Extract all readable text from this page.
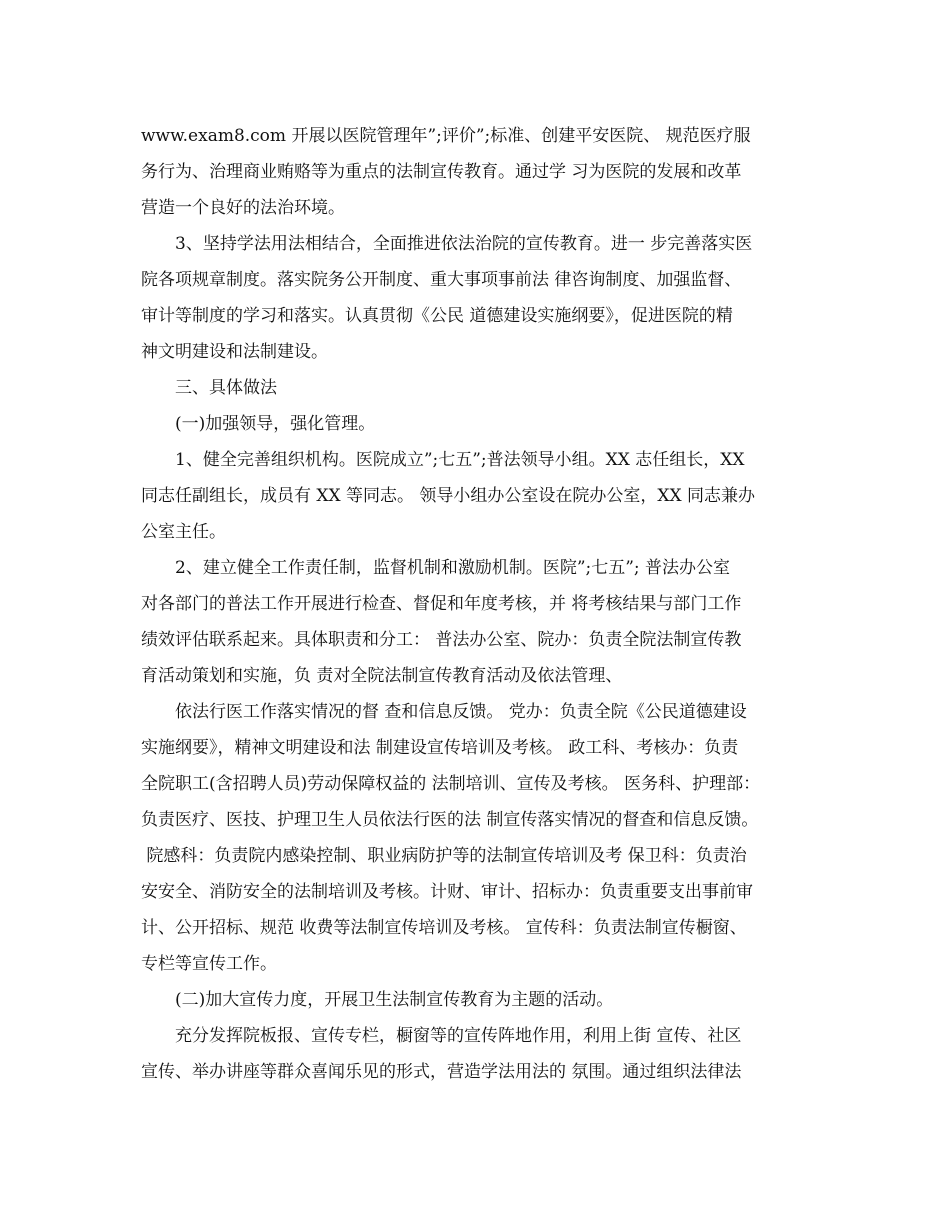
www.exam8.com 开展以医院管理年”;评价”;标准、创建平安医院、 规范医疗服
务行为、治理商业贿赂等为重点的法制宣传教育。通过学 习为医院的发展和改革
营造一个良好的法治环境。
3、坚持学法用法相结合，全面推进依法治院的宣传教育。进一 步完善落实医
院各项规章制度。落实院务公开制度、重大事项事前法 律咨询制度、加强监督、
审计等制度的学习和落实。认真贯彻《公民 道德建设实施纲要》，促进医院的精
神文明建设和法制建设。
三、具体做法
(一)加强领导，强化管理。
1、健全完善组织机构。医院成立”;七五”;普法领导小组。XX 志任组长，XX
同志任副组长，成员有 XX 等同志。 领导小组办公室设在院办公室，XX 同志兼办
公室主任。
2、建立健全工作责任制，监督机制和激励机制。医院”;七五”; 普法办公室
对各部门的普法工作开展进行检查、督促和年度考核，并 将考核结果与部门工作
绩效评估联系起来。具体职责和分工： 普法办公室、院办：负责全院法制宣传教
育活动策划和实施，负 责对全院法制宣传教育活动及依法管理、
依法行医工作落实情况的督 查和信息反馈。 党办：负责全院《公民道德建设
实施纲要》，精神文明建设和法 制建设宣传培训及考核。 政工科、考核办：负责
全院职工(含招聘人员)劳动保障权益的 法制培训、宣传及考核。 医务科、护理部：
负责医疗、医技、护理卫生人员依法行医的法 制宣传落实情况的督查和信息反馈。
院感科：负责院内感染控制、职业病防护等的法制宣传培训及考 保卫科：负责治
安安全、消防安全的法制培训及考核。计财、审计、招标办：负责重要支出事前审
计、公开招标、规范 收费等法制宣传培训及考核。 宣传科：负责法制宣传橱窗、
专栏等宣传工作。
(二)加大宣传力度，开展卫生法制宣传教育为主题的活动。
充分发挥院板报、宣传专栏，橱窗等的宣传阵地作用，利用上街 宣传、社区
宣传、举办讲座等群众喜闻乐见的形式，营造学法用法的 氛围。通过组织法律法
